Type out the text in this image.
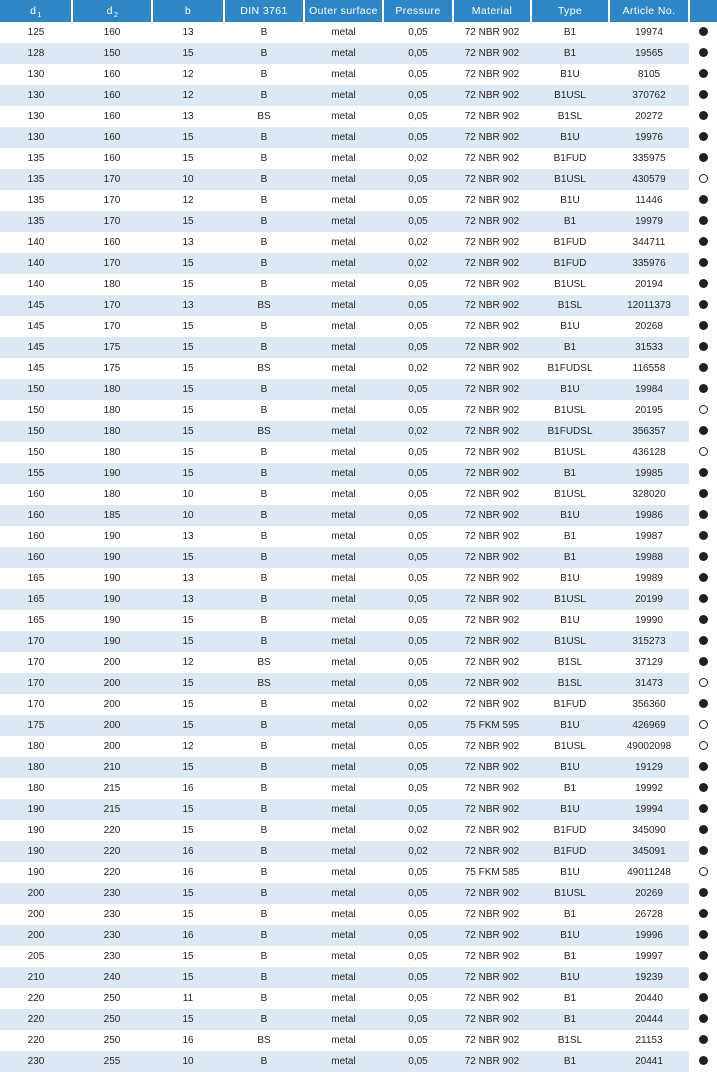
$d_1$	$d_2$	b	DIN 3761	Outer surface	Pressure	Material	Type	Article No.	
125	160	13	B	metal	0,05	72 NBR 902	B1	19974	
128	150	15	B	metal	0,05	72 NBR 902	B1	19565	
130	160	12	B	metal	0,05	72 NBR 902	B1U	8105	
130	160	12	B	metal	0,05	72 NBR 902	B1USL	370762	
130	160	13	BS	metal	0,05	72 NBR 902	B1SL	20272	
130	160	15	B	metal	0,05	72 NBR 902	B1U	19976	
135	160	15	B	metal	0,02	72 NBR 902	B1FUD	335975	
135	170	10	B	metal	0,05	72 NBR 902	B1USL	430579	
135	170	12	B	metal	0,05	72 NBR 902	B1U	11446	
135	170	15	B	metal	0,05	72 NBR 902	B1	19979	
140	160	13	B	metal	0,02	72 NBR 902	B1FUD	344711	
140	170	15	B	metal	0,02	72 NBR 902	B1FUD	335976	
140	180	15	B	metal	0,05	72 NBR 902	B1USL	20194	
145	170	13	BS	metal	0,05	72 NBR 902	B1SL	12011373	
145	170	15	B	metal	0,05	72 NBR 902	B1U	20268	
145	175	15	B	metal	0,05	72 NBR 902	B1	31533	
145	175	15	BS	metal	0,02	72 NBR 902	B1FUDSL	116558	
150	180	15	B	metal	0,05	72 NBR 902	B1U	19984	
150	180	15	B	metal	0,05	72 NBR 902	B1USL	20195	
150	180	15	BS	metal	0,02	72 NBR 902	B1FUDSL	356357	
150	180	15	B	metal	0,05	72 NBR 902	B1USL	436128	
155	190	15	B	metal	0,05	72 NBR 902	B1	19985	
160	180	10	B	metal	0,05	72 NBR 902	B1USL	328020	
160	185	10	B	metal	0,05	72 NBR 902	B1U	19986	
160	190	13	B	metal	0,05	72 NBR 902	B1	19987	
160	190	15	B	metal	0,05	72 NBR 902	B1	19988	
165	190	13	B	metal	0,05	72 NBR 902	B1U	19989	
165	190	13	B	metal	0,05	72 NBR 902	B1USL	20199	
165	190	15	B	metal	0,05	72 NBR 902	B1U	19990	
170	190	15	B	metal	0,05	72 NBR 902	B1USL	315273	
170	200	12	BS	metal	0,05	72 NBR 902	B1SL	37129	
170	200	15	BS	metal	0,05	72 NBR 902	B1SL	31473	
170	200	15	B	metal	0,02	72 NBR 902	B1FUD	356360	
175	200	15	B	metal	0,05	75 FKM 595	B1U	426969	
180	200	12	B	metal	0,05	72 NBR 902	B1USL	49002098	
180	210	15	B	metal	0,05	72 NBR 902	B1U	19129	
180	215	16	B	metal	0,05	72 NBR 902	B1	19992	
190	215	15	B	metal	0,05	72 NBR 902	B1U	19994	
190	220	15	B	metal	0,02	72 NBR 902	B1FUD	345090	
190	220	16	B	metal	0,02	72 NBR 902	B1FUD	345091	
190	220	16	B	metal	0,05	75 FKM 585	B1U	49011248	
200	230	15	B	metal	0,05	72 NBR 902	B1USL	20269	
200	230	15	B	metal	0,05	72 NBR 902	B1	26728	
200	230	16	B	metal	0,05	72 NBR 902	B1U	19996	
205	230	15	B	metal	0,05	72 NBR 902	B1	19997	
210	240	15	B	metal	0,05	72 NBR 902	B1U	19239	
220	250	11	B	metal	0,05	72 NBR 902	B1	20440	
220	250	15	B	metal	0,05	72 NBR 902	B1	20444	
220	250	16	BS	metal	0,05	72 NBR 902	B1SL	21153	
230	255	10	B	metal	0,05	72 NBR 902	B1	20441	
